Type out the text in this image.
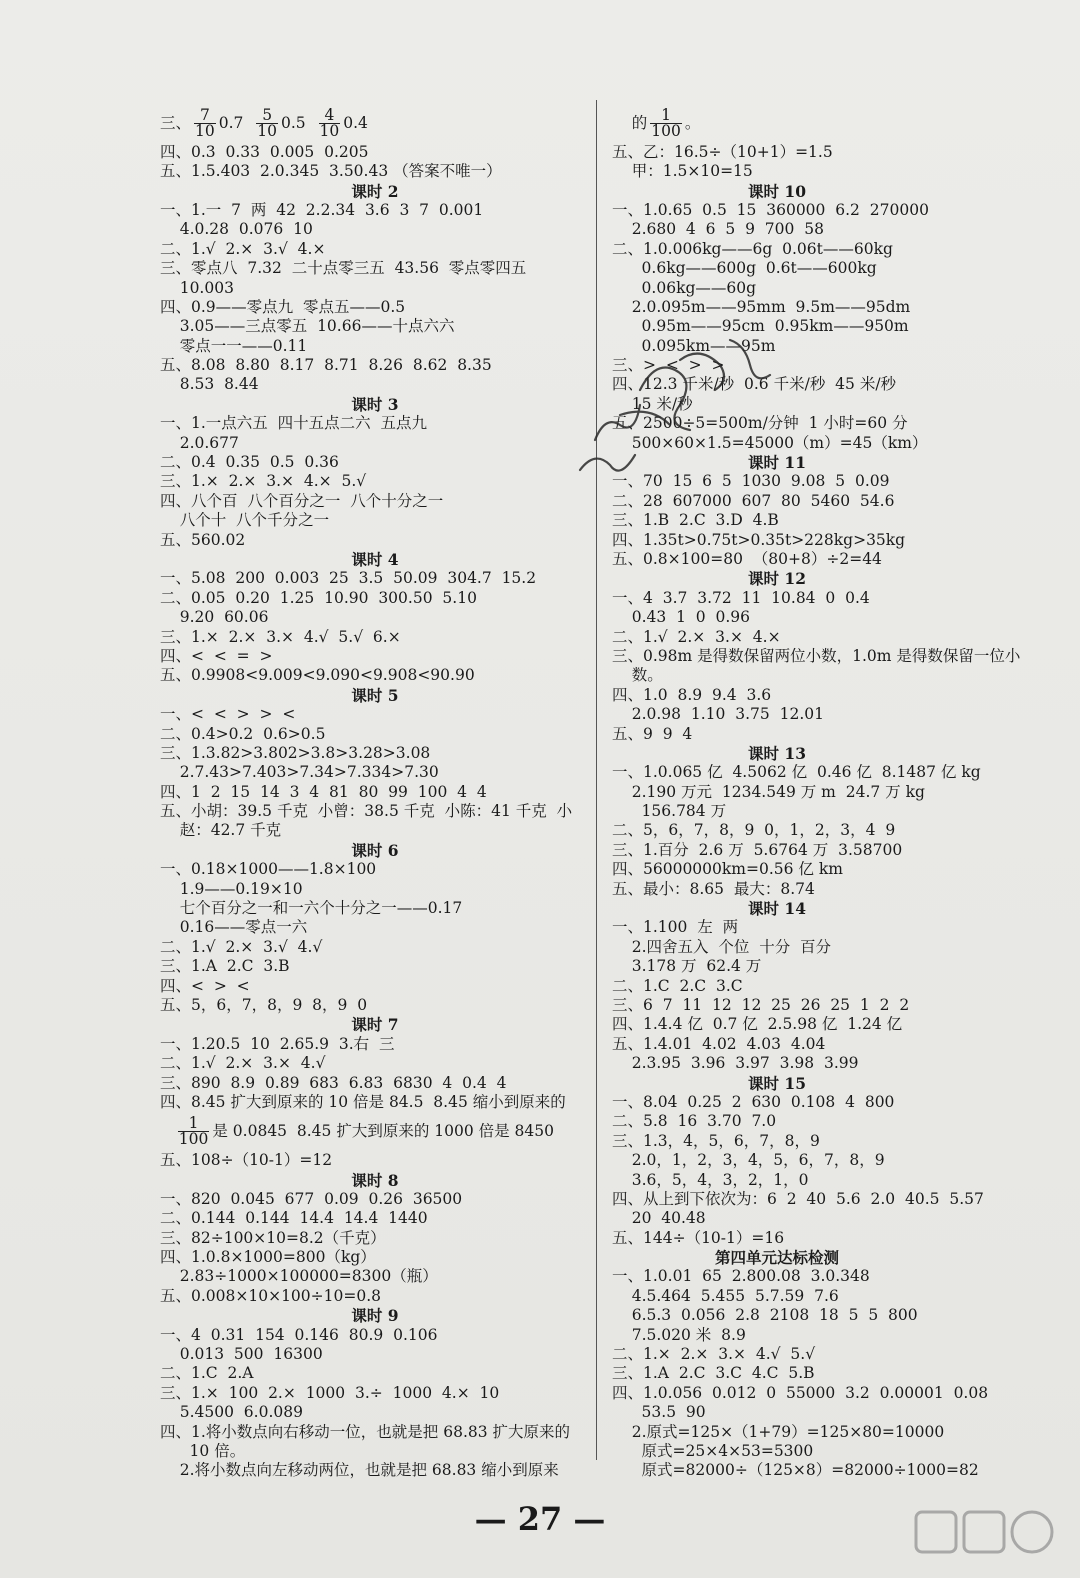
三、 $\frac{7}{10} 0.7$
$\frac{5}{10} 0.5$
$\frac{4}{10} 0.4$
四、0.3  0.33  0.005  0.205
五、1.5.403  2.0.345  3.50.43 （答案不唯一）
课时 2
一、1.一  7  两  42  2.2.34  3.6  3  7  0.001
4.0.28  0.076  10
二、1.√  2.×  3.√  4.×
三、零点八  7.32  二十点零三五  43.56  零点零四五
10.003
四、0.9——零点九  零点五——0.5
3.05——三点零五  10.66——十点六六
零点一一——0.11
五、8.08  8.80  8.17  8.71  8.26  8.62  8.35
8.53  8.44
课时 3
一、1.一点六五  四十五点二六  五点九
2.0.677
二、0.4  0.35  0.5  0.36
三、1.×  2.×  3.×  4.×  5.√
四、八个百  八个百分之一  八个十分之一
八个十  八个千分之一
五、560.02
课时 4
一、5.08  200  0.003  25  3.5  50.09  304.7  15.2
二、0.05  0.20  1.25  10.90  300.50  5.10
9.20  60.06
三、1.×  2.×  3.×  4.√  5.√  6.×
四、<  <  =  >
五、0.9908<9.009<9.090<9.908<90.90
课时 5
一、<  <  >  >  <
二、0.4>0.2  0.6>0.5
三、1.3.82>3.802>3.8>3.28>3.08
2.7.43>7.403>7.34>7.334>7.30
四、1  2  15  14  3  4  81  80  99  100  4  4
五、小胡：39.5 千克  小曾：38.5 千克  小陈：41 千克  小
赵：42.7 千克
课时 6
一、0.18×1000——1.8×100
1.9——0.19×10
七个百分之一和一六个十分之一——0.17
0.16——零点一六
二、1.√  2.×  3.√  4.√
三、1.A  2.C  3.B
四、<  >  <
五、5，6，7，8，9  8，9  0
课时 7
一、1.20.5  10  2.65.9  3.右  三
二、1.√  2.×  3.×  4.√
三、890  8.9  0.89  683  6.83  6830  4  0.4  4
四、8.45 扩大到原来的 10 倍是 84.5  8.45 缩小到原来的

$\frac{1}{100}$ 是 0.0845  8.45 扩大到原来的 1000 倍是 8450
五、108÷（10-1）=12
课时 8
一、820  0.045  677  0.09  0.26  36500
二、0.144  0.144  14.4  14.4  1440
三、82÷100×10=8.2（千克）
四、1.0.8×1000=800（kg）
2.83÷1000×100000=8300（瓶）
五、0.008×10×100÷10=0.8
课时 9
一、4  0.31  154  0.146  80.9  0.106
0.013  500  16300
二、1.C  2.A
三、1.×  100  2.×  1000  3.÷  1000  4.×  10
5.4500  6.0.089
四、1.将小数点向右移动一位，也就是把 68.83 扩大原来的
10 倍。
2.将小数点向左移动两位，也就是把 68.83 缩小到原来

的 $\frac{1}{100}$ 。
五、乙：16.5÷（10+1）=1.5
甲：1.5×10=15
课时 10
一、1.0.65  0.5  15  360000  6.2  270000
2.680  4  6  5  9  700  58
二、1.0.006kg——6g  0.06t——60kg
0.6kg——600g  0.6t——600kg
0.06kg——60g
2.0.095m——95mm  9.5m——95dm
0.95m——95cm  0.95km——950m
0.095km——95m
三、>  <  >  >
四、12.3 千米/秒  0.6 千米/秒  45 米/秒
15 米/秒
五、2500÷5=500m/分钟  1 小时=60 分
500×60×1.5=45000（m）=45（km）
课时 11
一、70  15  6  5  1030  9.08  5  0.09
二、28  607000  607  80  5460  54.6
三、1.B  2.C  3.D  4.B
四、1.35t>0.75t>0.35t>228kg>35kg
五、0.8×100=80  （80+8）÷2=44
课时 12
一、4  3.7  3.72  11  10.84  0  0.4
0.43  1  0  0.96
二、1.√  2.×  3.×  4.×
三、0.98m 是得数保留两位小数，1.0m 是得数保留一位小
数。
四、1.0  8.9  9.4  3.6
2.0.98  1.10  3.75  12.01
五、9  9  4
课时 13
一、1.0.065 亿  4.5062 亿  0.46 亿  8.1487 亿 kg
2.190 万元  1234.549 万 m  24.7 万 kg
156.784 万
二、5，6，7，8，9  0，1，2，3，4  9
三、1.百分  2.6 万  5.6764 万  3.58700
四、56000000km=0.56 亿 km
五、最小：8.65  最大：8.74
课时 14
一、1.100  左  两
2.四舍五入  个位  十分  百分
3.178 万  62.4 万
二、1.C  2.C  3.C
三、6  7  11  12  12  25  26  25  1  2  2
四、1.4.4 亿  0.7 亿  2.5.98 亿  1.24 亿
五、1.4.01  4.02  4.03  4.04
2.3.95  3.96  3.97  3.98  3.99
课时 15
一、8.04  0.25  2  630  0.108  4  800
二、5.8  16  3.70  7.0
三、1.3，4，5，6，7，8，9
2.0，1，2，3，4，5，6，7，8，9
3.6，5，4，3，2，1，0
四、从上到下依次为：6  2  40  5.6  2.0  40.5  5.57
20  40.48
五、144÷（10-1）=16
第四单元达标检测
一、1.0.01  65  2.800.08  3.0.348
4.5.464  5.455  5.7.59  7.6
6.5.3  0.056  2.8  2108  18  5  5  800
7.5.020 米  8.9
二、1.×  2.×  3.×  4.√  5.√
三、1.A  2.C  3.C  4.C  5.B
四、1.0.056  0.012  0  55000  3.2  0.00001  0.08
53.5  90
2.原式=125×（1+79）=125×80=10000
原式=25×4×53=5300
原式=82000÷（125×8）=82000÷1000=82
— 27 —
